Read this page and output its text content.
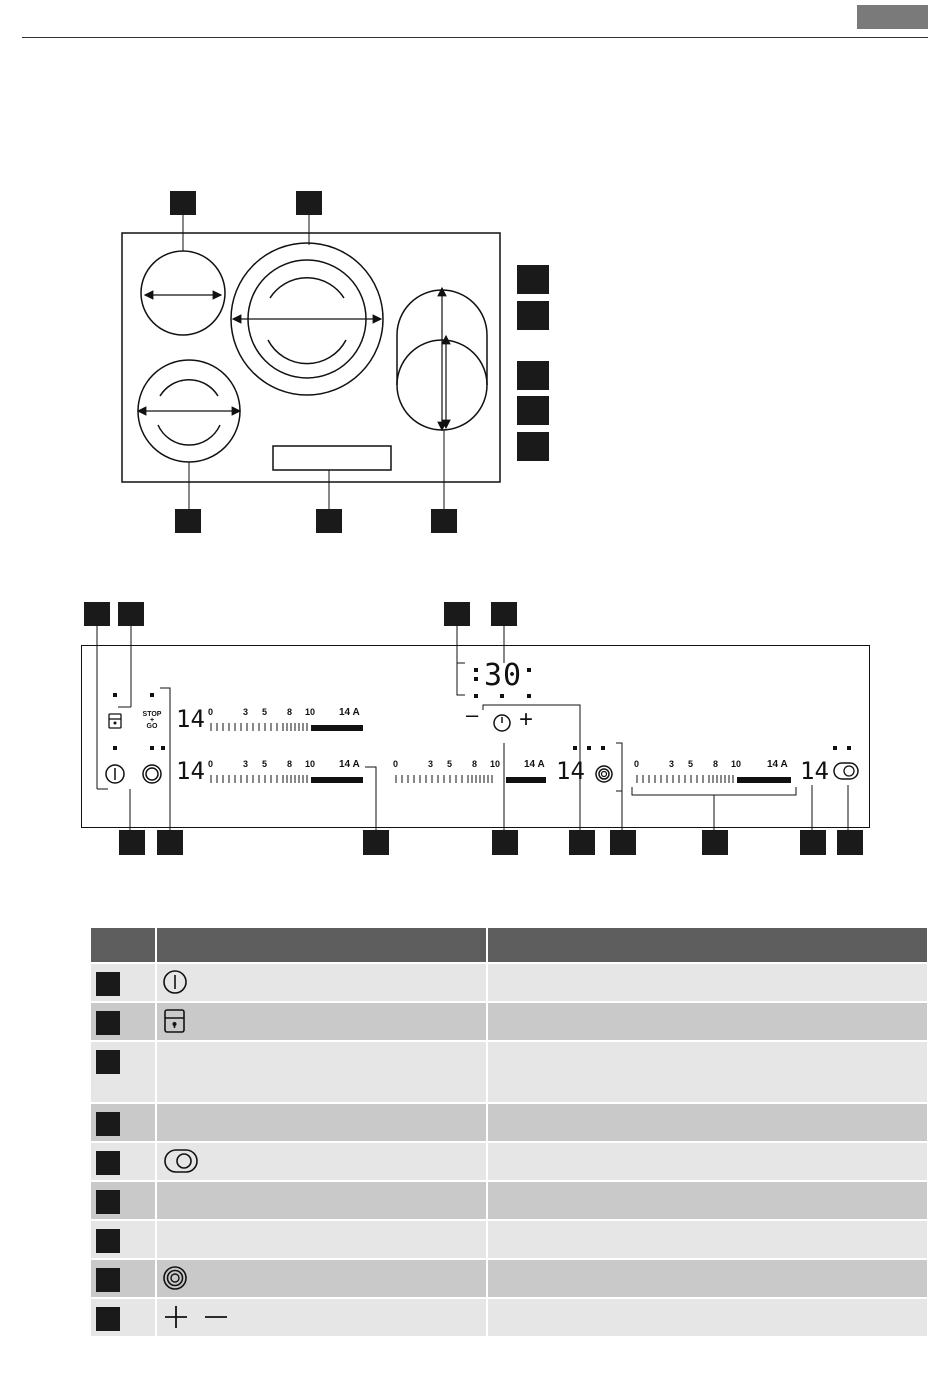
30
– +
STOP
+
GO 14
14	14	14
0	3 5 8 10 14 A
0	3 5 8 10 14 A	0	3 5 8 10 14 A	0	3 5 8 10	14 A
